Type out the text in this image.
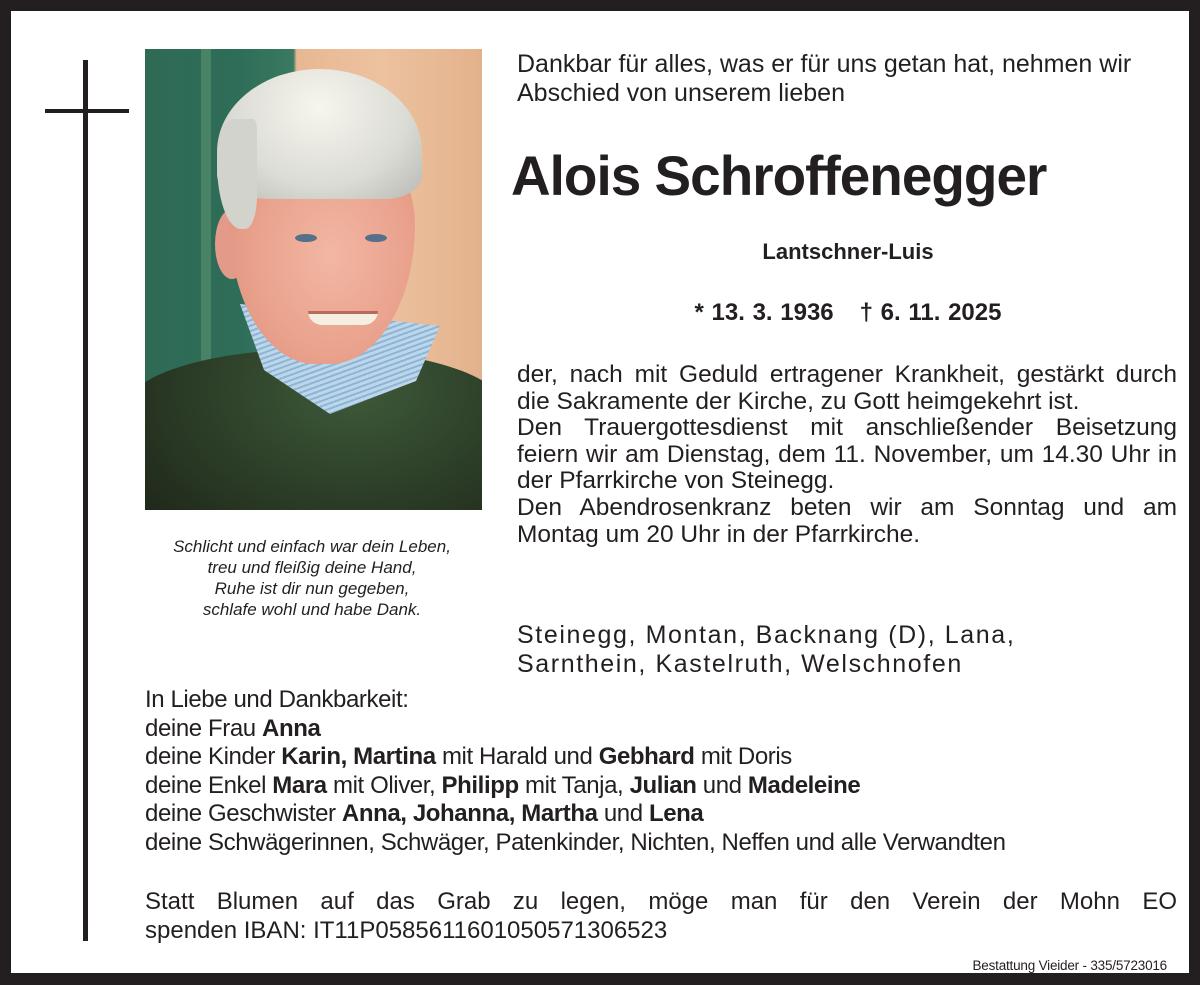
Schlicht und einfach war dein Leben,
treu und fleißig deine Hand,
Ruhe ist dir nun gegeben,
schlafe wohl und habe Dank.
Dankbar für alles, was er für uns getan hat, nehmen wir Abschied von unserem lieben
Alois Schroffenegger
Lantschner-Luis
* 13. 3. 1936 † 6. 11. 2025

der, nach mit Geduld ertragener Krankheit, gestärkt durch die Sakramente der Kirche, zu Gott heimgekehrt ist.

Den Trauergottesdienst mit anschließender Beisetzung feiern wir am Dienstag, dem 11. November, um 14.30 Uhr in der Pfarrkirche von Steinegg.

Den Abendrosenkranz beten wir am Sonntag und am Montag um 20 Uhr in der Pfarrkirche.

Steinegg, Montan, Backnang (D), Lana,
Sarnthein, Kastelruth, Welschnofen
In Liebe und Dankbarkeit:
deine Frau Anna
deine Kinder Karin, Martina mit Harald und Gebhard mit Doris
deine Enkel Mara mit Oliver, Philipp mit Tanja, Julian und Madeleine
deine Geschwister Anna, Johanna, Martha und Lena
deine Schwägerinnen, Schwäger, Patenkinder, Nichten, Neffen und alle Verwandten
Statt Blumen auf das Grab zu legen, möge man für den Verein der Mohn EO
spenden IBAN: IT11P0585611601050571306523
Bestattung Vieider - 335/5723016
